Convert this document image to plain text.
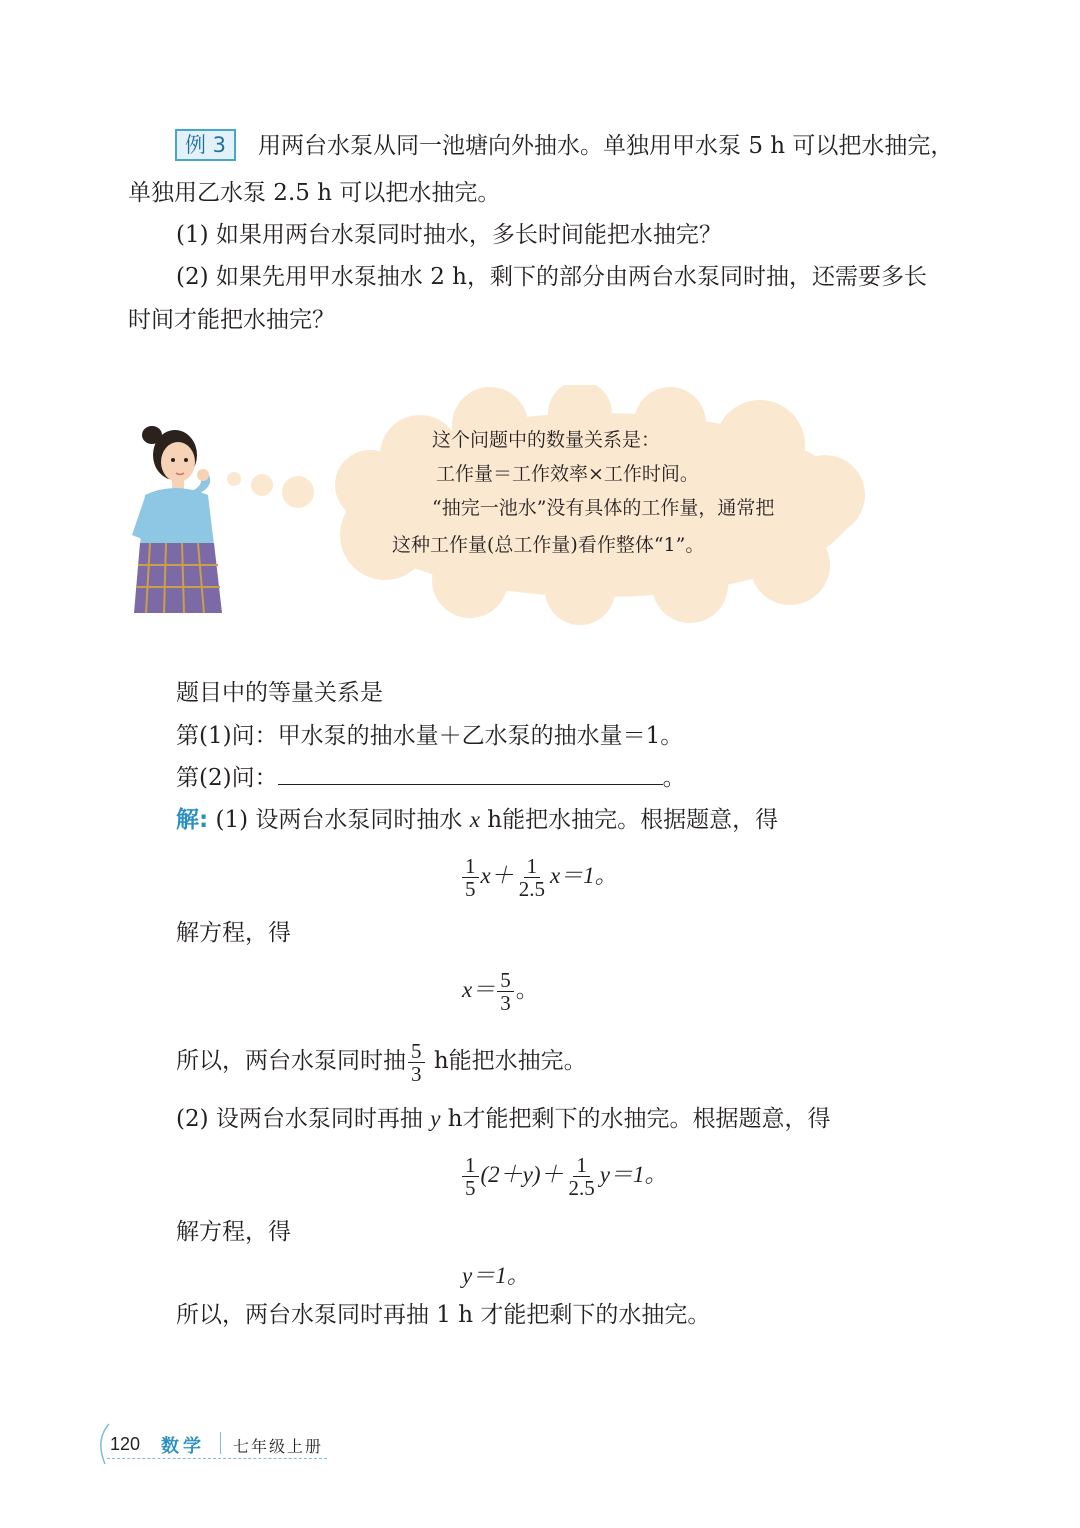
例 3 用两台水泵从同一池塘向外抽水。单独用甲水泵 5 h 可以把水抽完，
单独用乙水泵 2.5 h 可以把水抽完。
(1) 如果用两台水泵同时抽水，多长时间能把水抽完？
(2) 如果先用甲水泵抽水 2 h，剩下的部分由两台水泵同时抽，还需要多长
时间才能把水抽完？
这个问题中的数量关系是：
工作量＝工作效率×工作时间。
“抽完一池水”没有具体的工作量，通常把
这种工作量(总工作量)看作整体“1”。
题目中的等量关系是
第(1)问：甲水泵的抽水量＋乙水泵的抽水量＝1。
第(2)问：	。
解: (1) 设两台水泵同时抽水 x h能把水抽完。根据题意，得
$\frac{1}{5} x+ \frac{1}{2.5} x=1$。
解方程，得
$x= \frac{5}{3}$ 。
所以，两台水泵同时抽 $\frac{5}{3}$ h能把水抽完。
(2) 设两台水泵同时再抽 y h才能把剩下的水抽完。根据题意，得
$\frac{1}{5} (2+y)+ \frac{1}{2.5} y=1$。
解方程，得
y＝1。
所以，两台水泵同时再抽 1 h 才能把剩下的水抽完。
120 数学 七年级上册
